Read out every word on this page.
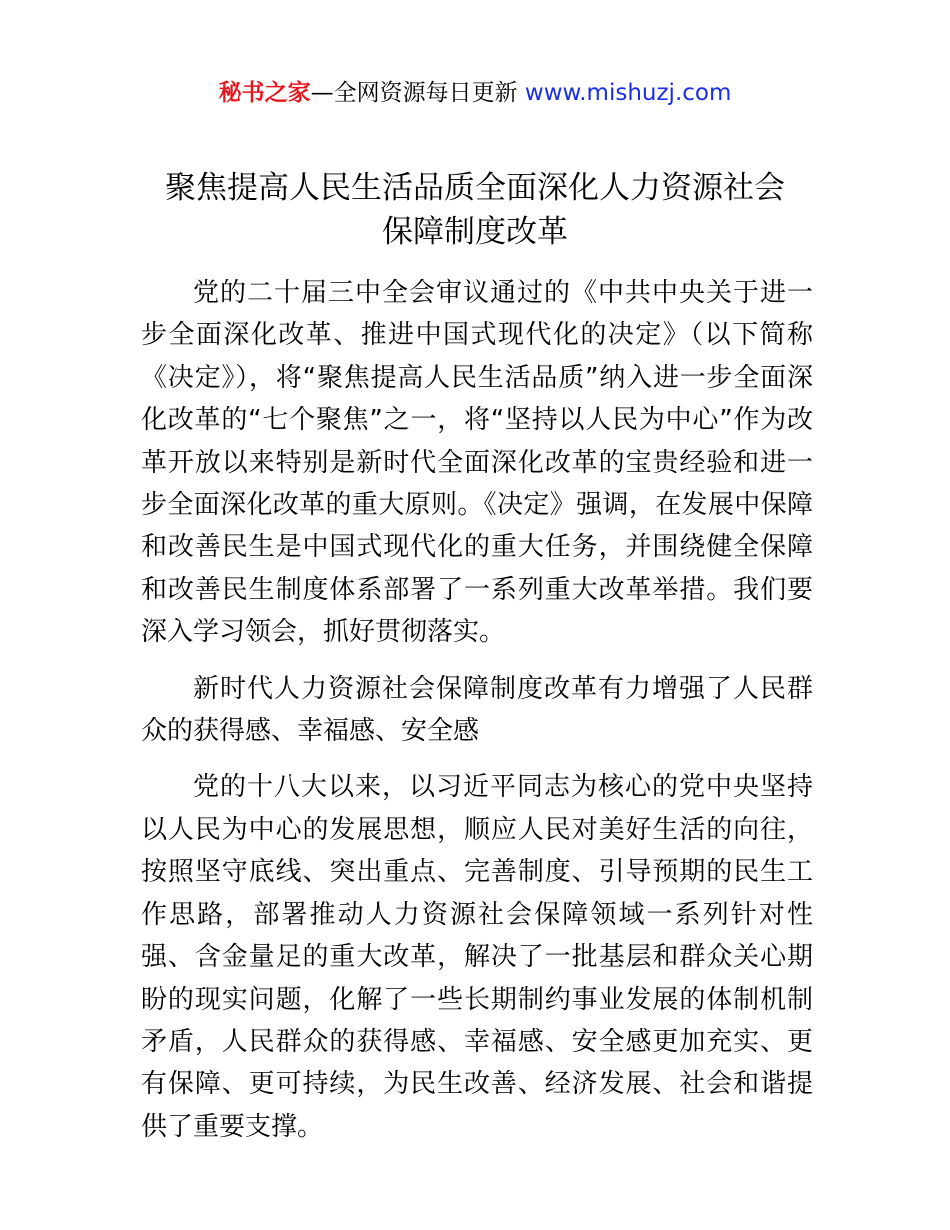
秘书之家—全网资源每日更新 www.mishuzj.com
聚焦提高人民生活品质全面深化人力资源社会
保障制度改革

党的二十届三中全会审议通过的《中共中央关于进一步全面深化改革、推进中国式现代化的决定》（以下简称《决定》），将“聚焦提高人民生活品质”纳入进一步全面深化改革的“七个聚焦”之一，将“坚持以人民为中心”作为改革开放以来特别是新时代全面深化改革的宝贵经验和进一步全面深化改革的重大原则。《决定》强调，在发展中保障和改善民生是中国式现代化的重大任务，并围绕健全保障和改善民生制度体系部署了一系列重大改革举措。我们要深入学习领会，抓好贯彻落实。

新时代人力资源社会保障制度改革有力增强了人民群众的获得感、幸福感、安全感

党的十八大以来，以习近平同志为核心的党中央坚持以人民为中心的发展思想，顺应人民对美好生活的向往，按照坚守底线、突出重点、完善制度、引导预期的民生工作思路，部署推动人力资源社会保障领域一系列针对性强、含金量足的重大改革，解决了一批基层和群众关心期盼的现实问题，化解了一些长期制约事业发展的体制机制矛盾，人民群众的获得感、幸福感、安全感更加充实、更有保障、更可持续，为民生改善、经济发展、社会和谐提供了重要支撑。
